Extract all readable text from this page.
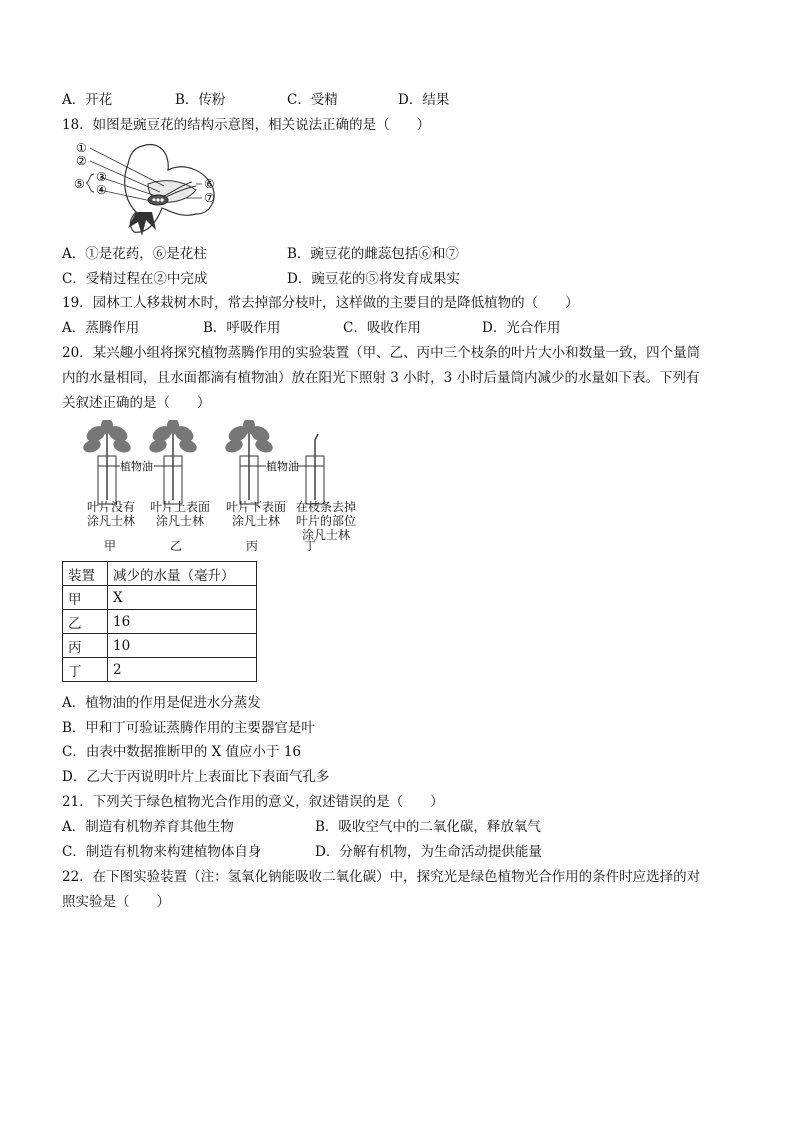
A．开花	B．传粉	C．受精	D．结果
18．如图是豌豆花的结构示意图，相关说法正确的是（　　）
①
②
③
④
⑤	⑥
⑦
A．①是花药，⑥是花柱	B．豌豆花的雌蕊包括⑥和⑦
C．受精过程在②中完成	D．豌豆花的⑤将发育成果实
19．园林工人移栽树木时，常去掉部分枝叶，这样做的主要目的是降低植物的（　　）
A．蒸腾作用	B．呼吸作用	C．吸收作用	D．光合作用
20．某兴趣小组将探究植物蒸腾作用的实验装置（甲、乙、丙中三个枝条的叶片大小和数量一致，四个量筒
内的水量相同，且水面都滴有植物油）放在阳光下照射 3 小时，3 小时后量筒内减少的水量如下表。下列有
关叙述正确的是（　　）
植物油	植物油
叶片没有
涂凡士林
叶片上表面
涂凡士林
叶片下表面
涂凡士林
在枝条去掉
叶片的部位
涂凡士林
甲	乙	丙	丁
装置	减少的水量（毫升）
甲	X
乙	16
丙	10
丁	2
A．植物油的作用是促进水分蒸发
B．甲和丁可验证蒸腾作用的主要器官是叶
C．由表中数据推断甲的 X 值应小于 16
D．乙大于丙说明叶片上表面比下表面气孔多
21．下列关于绿色植物光合作用的意义，叙述错误的是（　　）
A．制造有机物养育其他生物	B．吸收空气中的二氧化碳，释放氧气
C．制造有机物来构建植物体自身	D．分解有机物，为生命活动提供能量
22．在下图实验装置（注：氢氧化钠能吸收二氧化碳）中，探究光是绿色植物光合作用的条件时应选择的对
照实验是（　　）
